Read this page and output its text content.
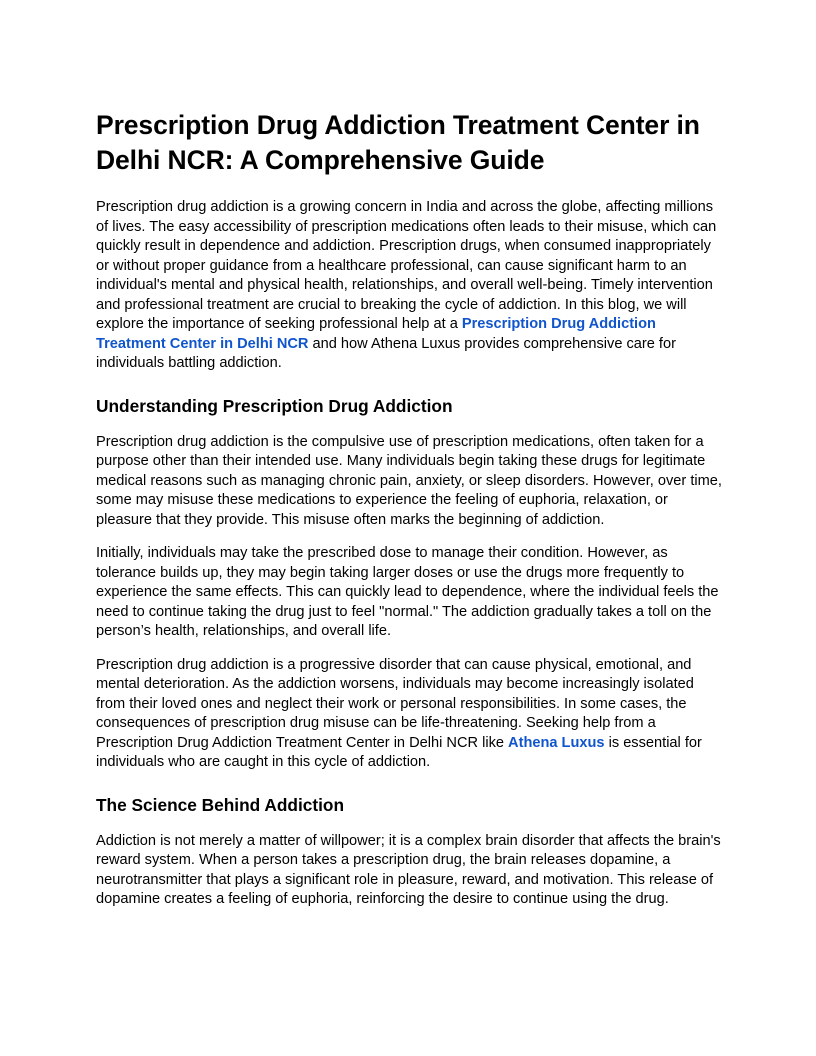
Prescription Drug Addiction Treatment Center in Delhi NCR: A Comprehensive Guide

Prescription drug addiction is a growing concern in India and across the globe, affecting millions of lives. The easy accessibility of prescription medications often leads to their misuse, which can quickly result in dependence and addiction. Prescription drugs, when consumed inappropriately or without proper guidance from a healthcare professional, can cause significant harm to an individual's mental and physical health, relationships, and overall well-being. Timely intervention and professional treatment are crucial to breaking the cycle of addiction. In this blog, we will explore the importance of seeking professional help at a Prescription Drug Addiction Treatment Center in Delhi NCR and how Athena Luxus provides comprehensive care for individuals battling addiction.

Understanding Prescription Drug Addiction

Prescription drug addiction is the compulsive use of prescription medications, often taken for a purpose other than their intended use. Many individuals begin taking these drugs for legitimate medical reasons such as managing chronic pain, anxiety, or sleep disorders. However, over time, some may misuse these medications to experience the feeling of euphoria, relaxation, or pleasure that they provide. This misuse often marks the beginning of addiction.

Initially, individuals may take the prescribed dose to manage their condition. However, as tolerance builds up, they may begin taking larger doses or use the drugs more frequently to experience the same effects. This can quickly lead to dependence, where the individual feels the need to continue taking the drug just to feel "normal." The addiction gradually takes a toll on the person’s health, relationships, and overall life.

Prescription drug addiction is a progressive disorder that can cause physical, emotional, and mental deterioration. As the addiction worsens, individuals may become increasingly isolated from their loved ones and neglect their work or personal responsibilities. In some cases, the consequences of prescription drug misuse can be life-threatening. Seeking help from a Prescription Drug Addiction Treatment Center in Delhi NCR like Athena Luxus is essential for individuals who are caught in this cycle of addiction.

The Science Behind Addiction

Addiction is not merely a matter of willpower; it is a complex brain disorder that affects the brain's reward system. When a person takes a prescription drug, the brain releases dopamine, a neurotransmitter that plays a significant role in pleasure, reward, and motivation. This release of dopamine creates a feeling of euphoria, reinforcing the desire to continue using the drug.
